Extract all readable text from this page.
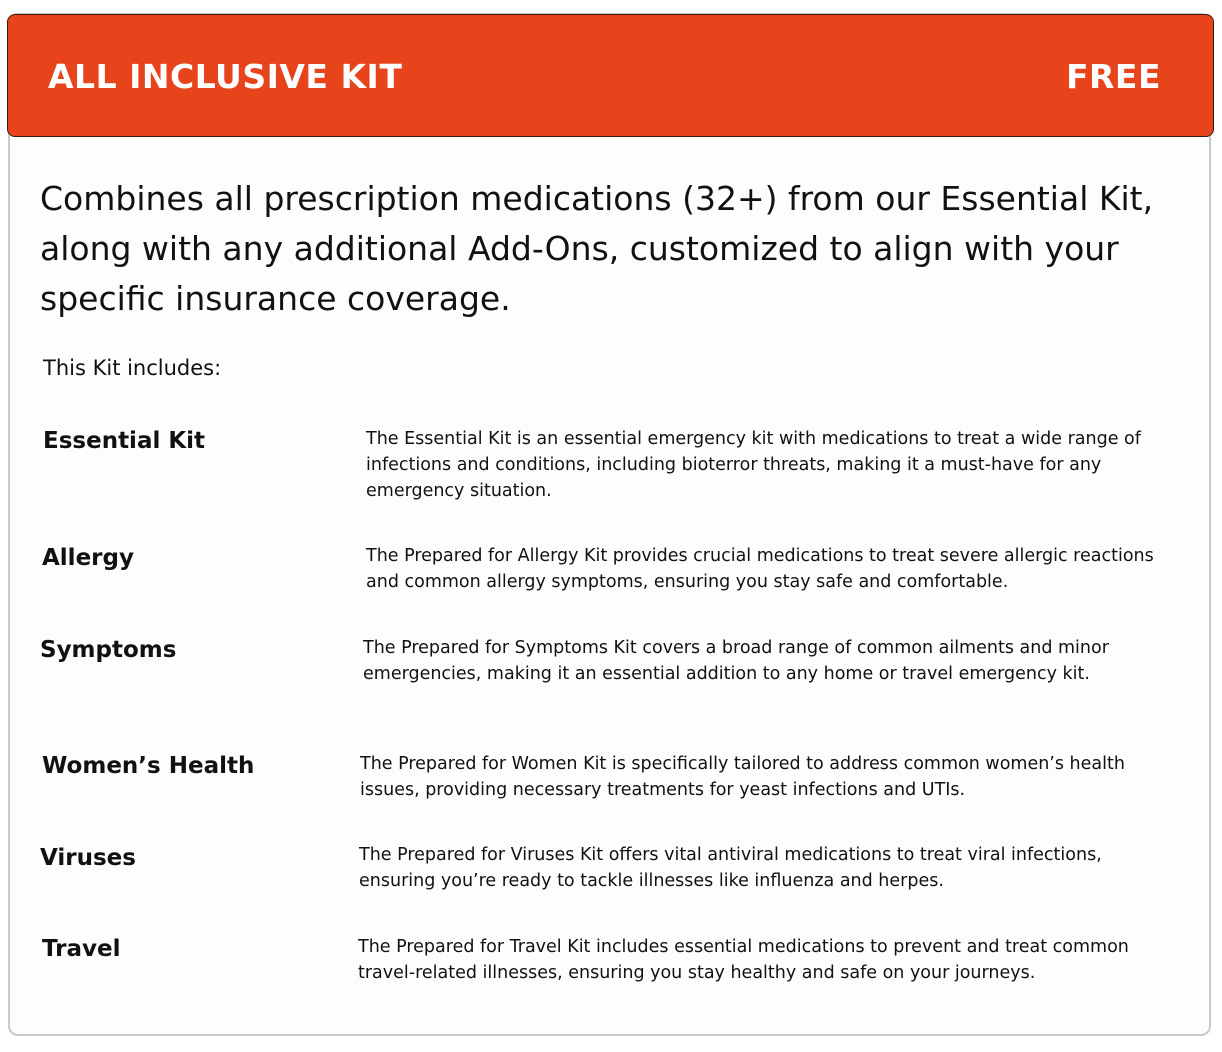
ALL INCLUSIVE KIT	FREE
Combines all prescription medications (32+) from our Essential Kit, along with any additional Add-Ons, customized to align with your specific insurance coverage.
This Kit includes:
Essential Kit	The Essential Kit is an essential emergency kit with medications to treat a wide range of infections and conditions, including bioterror threats, making it a must-have for any emergency situation.
Allergy	The Prepared for Allergy Kit provides crucial medications to treat severe allergic reactions and common allergy symptoms, ensuring you stay safe and comfortable.
Symptoms	The Prepared for Symptoms Kit covers a broad range of common ailments and minor emergencies, making it an essential addition to any home or travel emergency kit.
Women’s Health	The Prepared for Women Kit is specifically tailored to address common women’s health issues, providing necessary treatments for yeast infections and UTIs.
Viruses	The Prepared for Viruses Kit offers vital antiviral medications to treat viral infections, ensuring you’re ready to tackle illnesses like influenza and herpes.
Travel	The Prepared for Travel Kit includes essential medications to prevent and treat common travel-related illnesses, ensuring you stay healthy and safe on your journeys.
